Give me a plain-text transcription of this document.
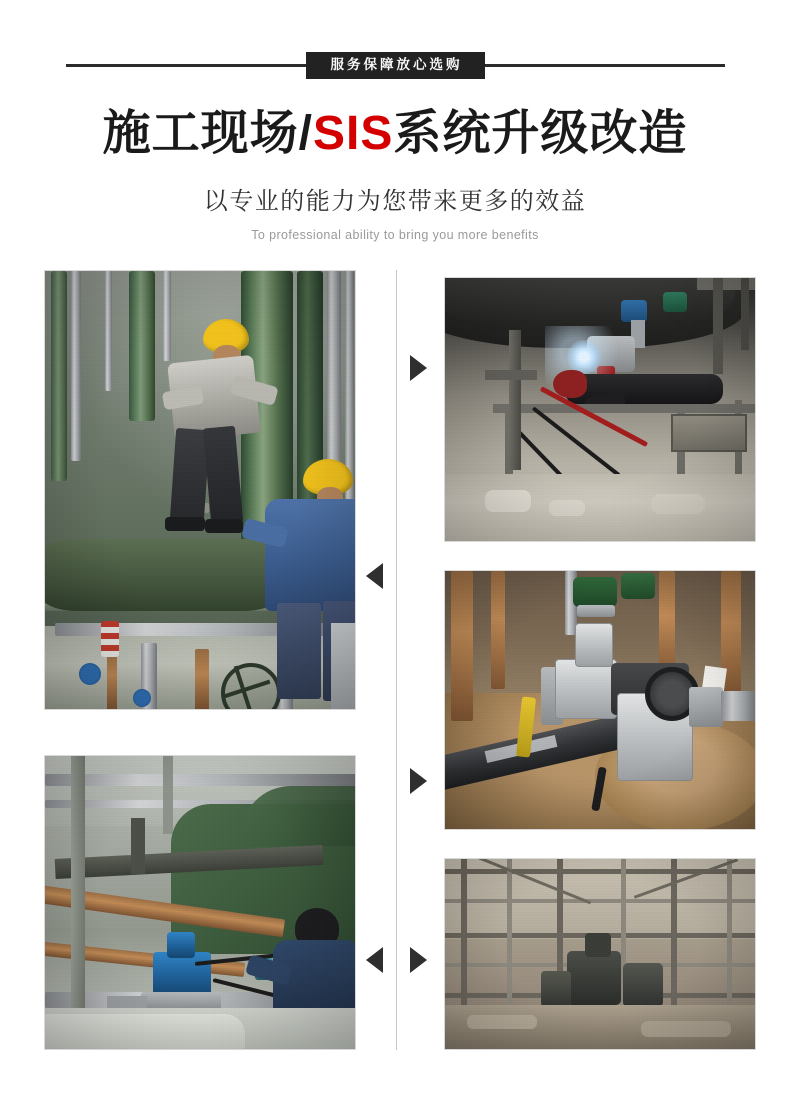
服务保障放心选购
施工现场/SIS系统升级改造
以专业的能力为您带来更多的效益
To professional ability to bring you more benefits
